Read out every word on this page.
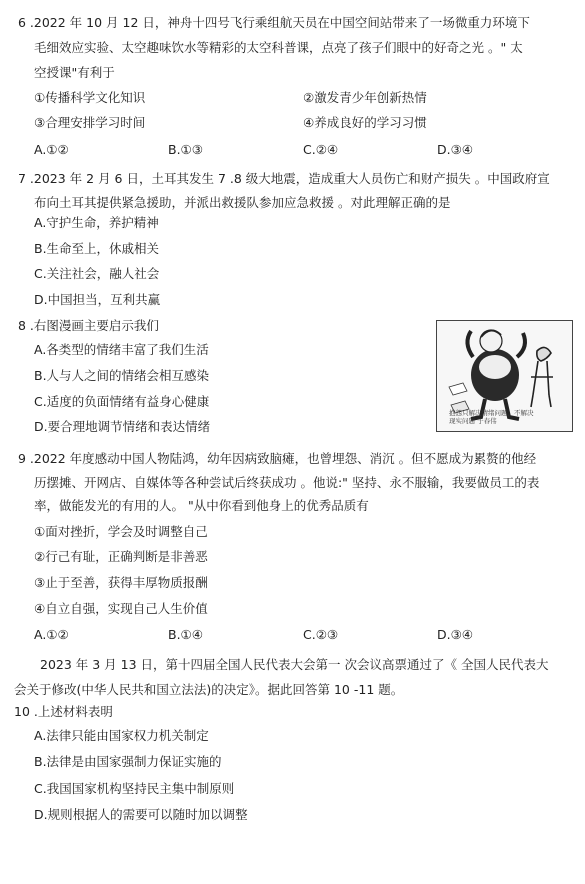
6 .2022 年 10 月 12 日，神舟十四号飞行乘组航天员在中国空间站带来了一场微重力环境下
毛细效应实验、太空趣味饮水等精彩的太空科普课，点亮了孩子们眼中的好奇之光 。" 太
空授课"有利于
①传播科学文化知识	②激发青少年创新热情
③合理安排学习时间	④养成良好的学习习惯
A.①②	B.①③	C.②④	D.③④
7 .2023 年 2 月 6 日，土耳其发生 7 .8 级大地震，造成重大人员伤亡和财产损失 。中国政府宣
布向土耳其提供紧急援助，并派出救援队参加应急救援 。对此理解正确的是
A.守护生命，养护精神
B.生命至上，休戚相关
C.关注社会，融人社会
D.中国担当，互利共赢
8 .右图漫画主要启示我们
A.各类型的情绪丰富了我们生活
B.人与人之间的情绪会相互感染
C.适度的负面情绪有益身心健康
D.要合理地调节情绪和表达情绪
抱怨只解决情绪问题，不解决
现实问题 于春伟
9 .2022 年度感动中国人物陆鸿，幼年因病致脑瘫，也曾埋怨、消沉 。但不愿成为累赘的他经
历摆摊、开网店、自媒体等各种尝试后终获成功 。他说:" 坚持、永不服输，我要做员工的表
率，做能发光的有用的人。 "从中你看到他身上的优秀品质有
①面对挫折，学会及时调整自己
②行己有耻，正确判断是非善恶
③止于至善，获得丰厚物质报酬
④自立自强，实现自己人生价值
A.①②	B.①④	C.②③	D.③④
2023 年 3 月 13 日，第十四届全国人民代表大会第一 次会议高票通过了《 全国人民代表大
会关于修改(中华人民共和国立法法)的决定》。据此回答第 10 -11 题。
10 .上述材料表明
A.法律只能由国家权力机关制定
B.法律是由国家强制力保证实施的
C.我国国家机构坚持民主集中制原则
D.规则根据人的需要可以随时加以调整
